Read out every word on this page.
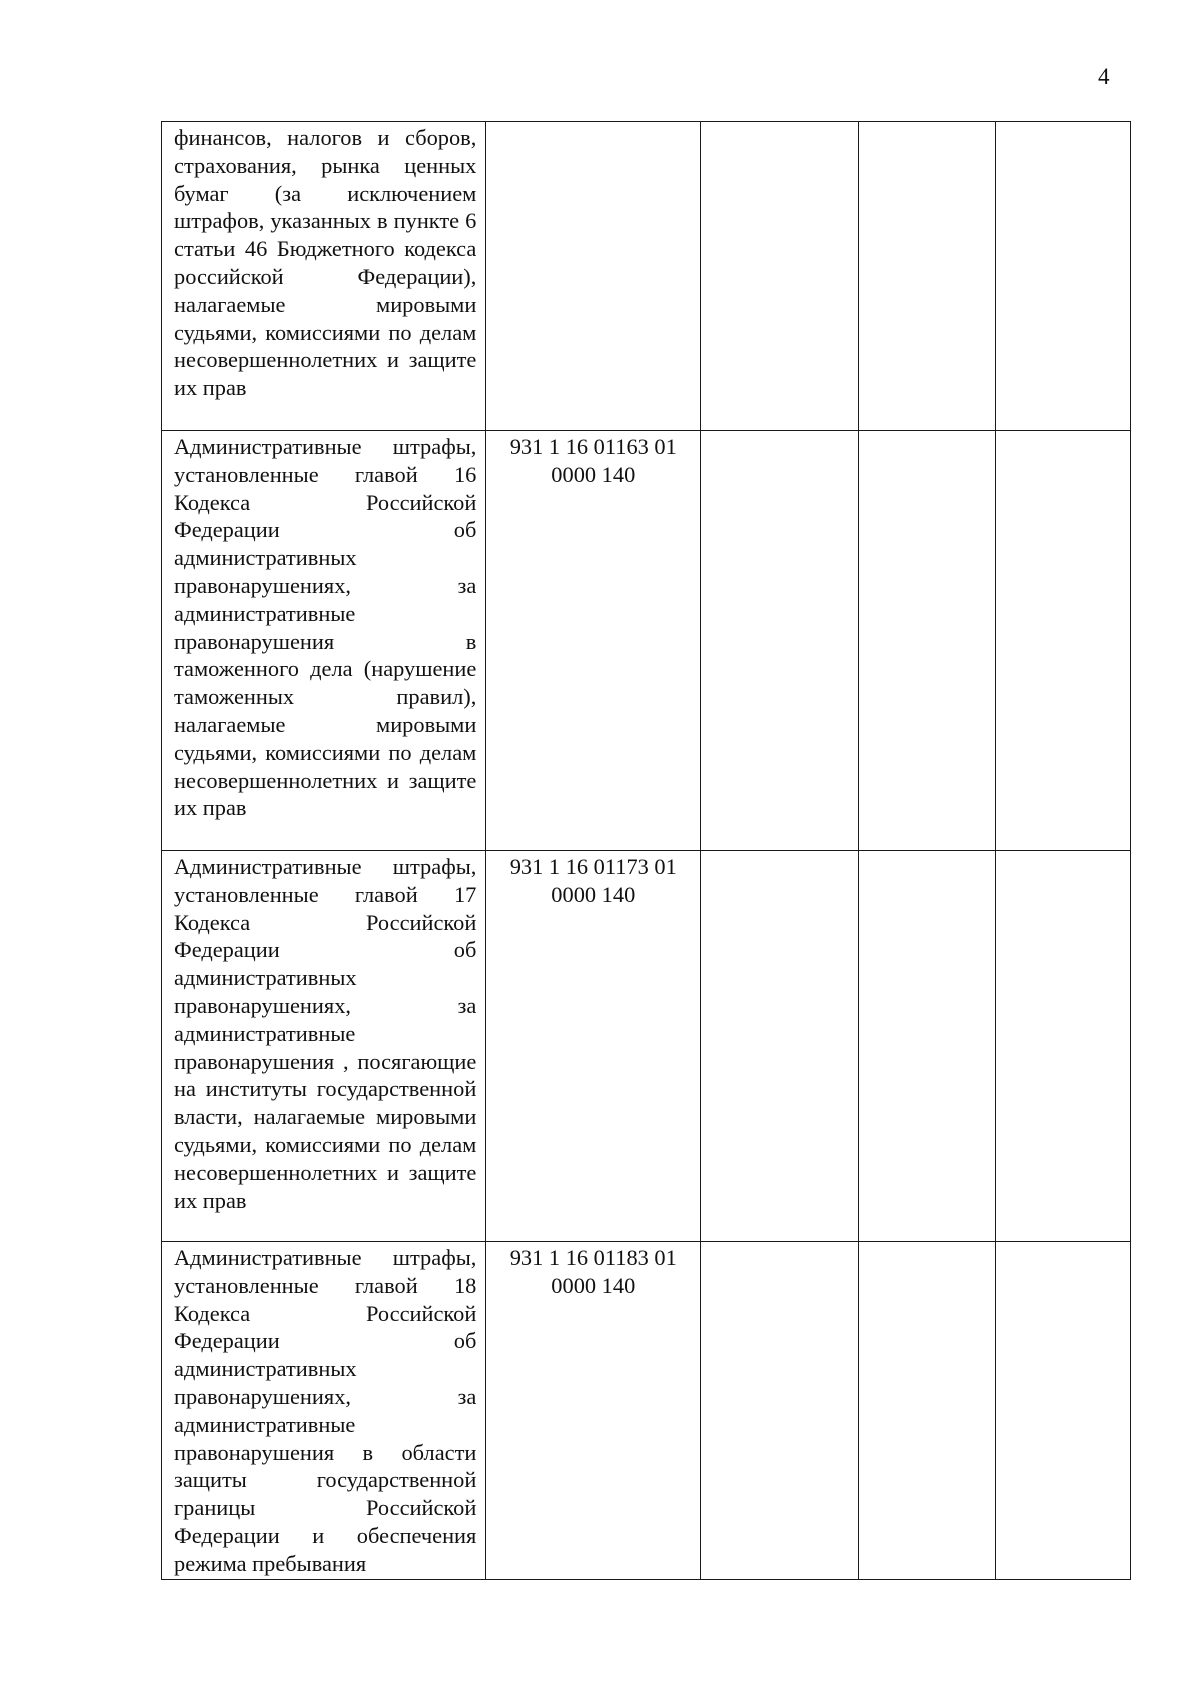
4
финансов, налогов и сборов, страхования, рынка ценных бумаг (за исключением штрафов, указанных в пункте 6 статьи 46 Бюджетного кодекса российской Федерации), налагаемые мировыми судьями, комиссиями по делам несовершеннолетних и защите их прав				

Административные штрафы, установленные главой 16 Кодекса Российской Федерации об административных правонарушениях, за административные правонарушения в таможенного дела (нарушение таможенных правил), налагаемые мировыми судьями, комиссиями по делам несовершеннолетних и защите их прав	931 1 16 01163 01 0000 140			

Административные штрафы, установленные главой 17 Кодекса Российской Федерации об административных правонарушениях, за административные правонарушения , посягающие на институты государственной власти, налагаемые мировыми судьями, комиссиями по делам несовершеннолетних и защите их прав	931 1 16 01173 01 0000 140			

Административные штрафы, установленные главой 18 Кодекса Российской Федерации об административных правонарушениях, за административные правонарушения в области защиты государственной границы Российской Федерации и обеспечения режима пребывания	931 1 16 01183 01 0000 140			
